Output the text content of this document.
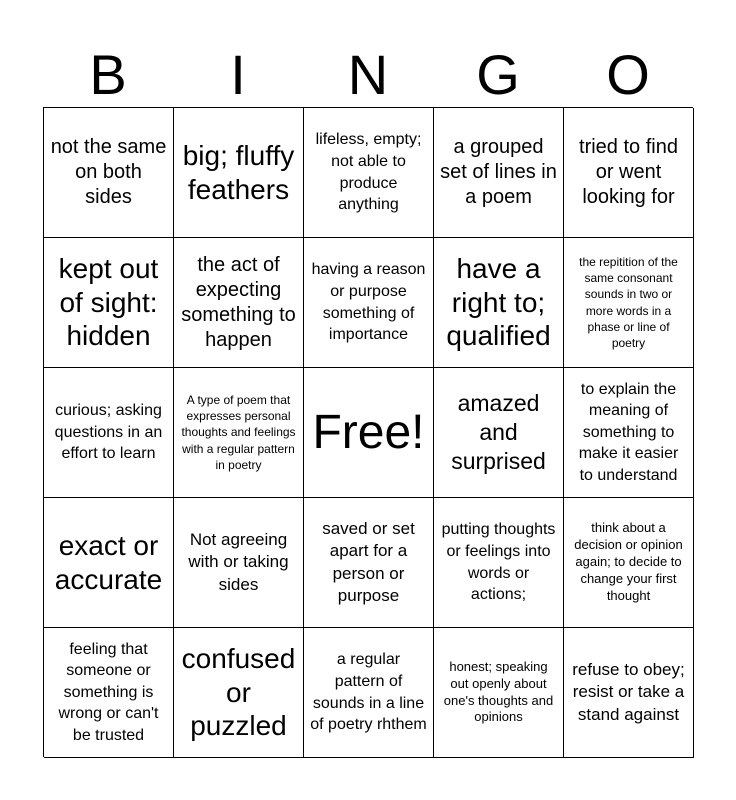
B	I	N	G	O
not the same on both sides
big; fluffy feathers
lifeless, empty; not able to produce anything
a grouped set of lines in a poem
tried to find or went looking for
kept out of sight: hidden
the act of expecting something to happen
having a reason or purpose something of importance
have a right to; qualified
the repitition of the same consonant sounds in two or more words in a phase or line of poetry
curious; asking questions in an effort to learn
A type of poem that expresses personal thoughts and feelings with a regular pattern in poetry
Free!
amazed and surprised
to explain the meaning of something to make it easier to understand
exact or accurate
Not agreeing with or taking sides
saved or set apart for a person or purpose
putting thoughts or feelings into words or actions;
think about a decision or opinion again; to decide to change your first thought
feeling that someone or something is wrong or can't be trusted
confused or puzzled
a regular pattern of sounds in a line of poetry rhthem
honest; speaking out openly about one's thoughts and opinions
refuse to obey; resist or take a stand against
